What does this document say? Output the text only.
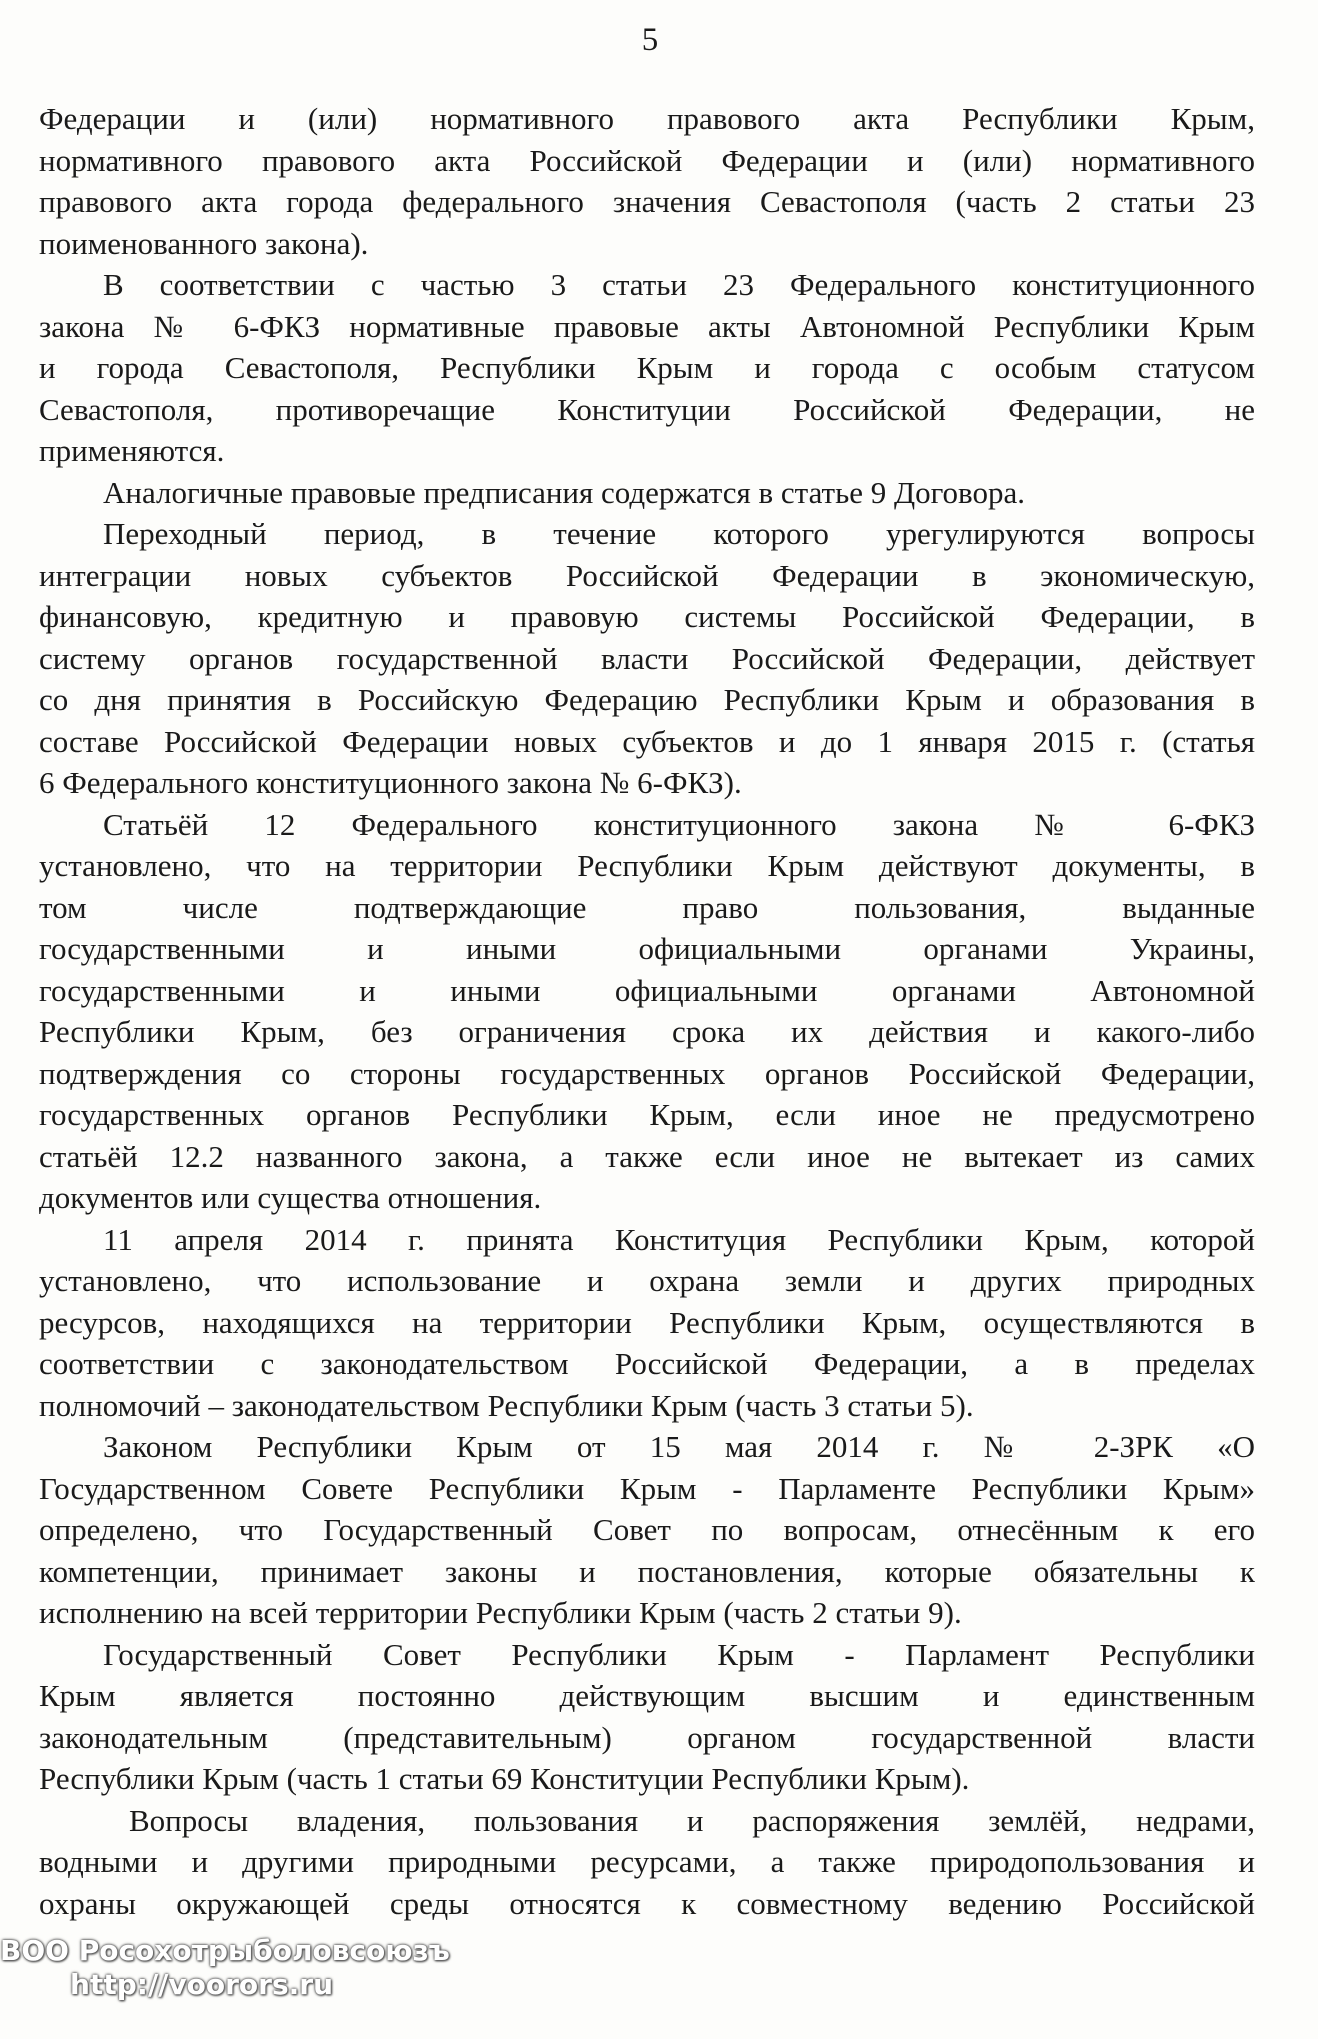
5
Федерации и (или) нормативного правового акта Республики Крым,
нормативного правового акта Российской Федерации и (или) нормативного
правового акта города федерального значения Севастополя (часть 2 статьи 23
поименованного закона).
В соответствии с частью 3 статьи 23 Федерального конституционного
закона № 6-ФКЗ нормативные правовые акты Автономной Республики Крым
и города Севастополя, Республики Крым и города с особым статусом
Севастополя, противоречащие Конституции Российской Федерации, не
применяются.
Аналогичные правовые предписания содержатся в статье 9 Договора.
Переходный период, в течение которого урегулируются вопросы
интеграции новых субъектов Российской Федерации в экономическую,
финансовую, кредитную и правовую системы Российской Федерации, в
систему органов государственной власти Российской Федерации, действует
со дня принятия в Российскую Федерацию Республики Крым и образования в
составе Российской Федерации новых субъектов и до 1 января 2015 г. (статья
6 Федерального конституционного закона № 6-ФКЗ).
Статьёй 12 Федерального конституционного закона № 6-ФКЗ
установлено, что на территории Республики Крым действуют документы, в
том числе подтверждающие право пользования, выданные
государственными и иными официальными органами Украины,
государственными и иными официальными органами Автономной
Республики Крым, без ограничения срока их действия и какого-либо
подтверждения со стороны государственных органов Российской Федерации,
государственных органов Республики Крым, если иное не предусмотрено
статьёй 12.2 названного закона, а также если иное не вытекает из самих
документов или существа отношения.
11 апреля 2014 г. принята Конституция Республики Крым, которой
установлено, что использование и охрана земли и других природных
ресурсов, находящихся на территории Республики Крым, осуществляются в
соответствии с законодательством Российской Федерации, а в пределах
полномочий – законодательством Республики Крым (часть 3 статьи 5).
Законом Республики Крым от 15 мая 2014 г. № 2-ЗРК «О
Государственном Совете Республики Крым - Парламенте Республики Крым»
определено, что Государственный Совет по вопросам, отнесённым к его
компетенции, принимает законы и постановления, которые обязательны к
исполнению на всей территории Республики Крым (часть 2 статьи 9).
Государственный Совет Республики Крым - Парламент Республики
Крым является постоянно действующим высшим и единственным
законодательным (представительным) органом государственной власти
Республики Крым (часть 1 статьи 69 Конституции Республики Крым).
Вопросы владения, пользования и распоряжения землёй, недрами,
водными и другими природными ресурсами, а также природопользования и
охраны окружающей среды относятся к совместному ведению Российской
ВОО Росохотрыболовсоюзъ
http://voorors.ru
